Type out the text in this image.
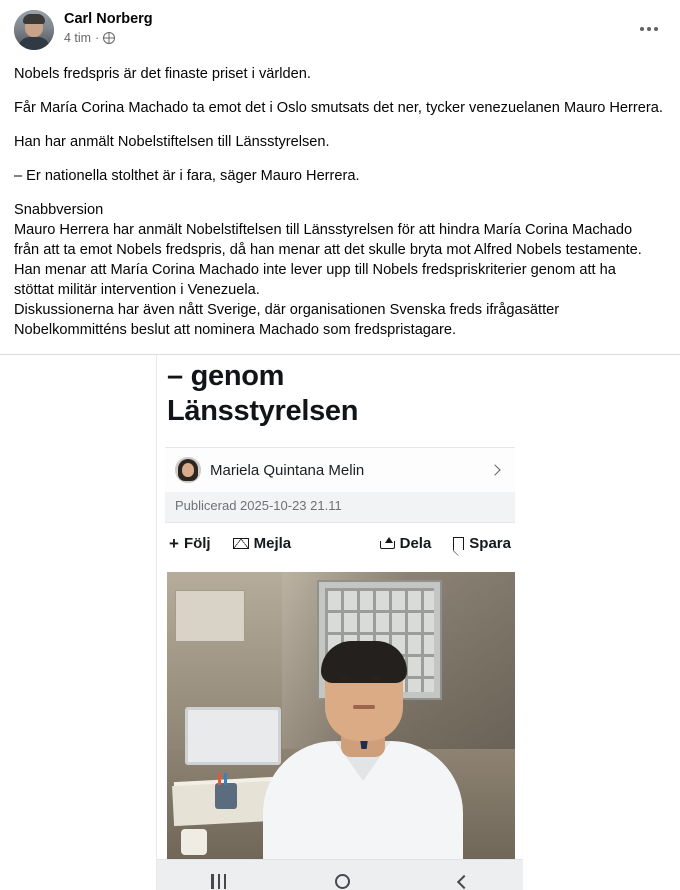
Carl Norberg
4 tim ·

Nobels fredspris är det finaste priset i världen.

Får María Corina Machado ta emot det i Oslo smutsats det ner, tycker venezuelanen Mauro Herrera.

Han har anmält Nobelstiftelsen till Länsstyrelsen.

– Er nationella stolthet är i fara, säger Mauro Herrera.

Snabbversion

Mauro Herrera har anmält Nobelstiftelsen till Länsstyrelsen för att hindra María Corina Machado

från att ta emot Nobels fredspris, då han menar att det skulle bryta mot Alfred Nobels testamente.

Han menar att María Corina Machado inte lever upp till Nobels fredspriskriterier genom att ha

stöttat militär intervention i Venezuela.

Diskussionerna har även nått Sverige, där organisationen Svenska freds ifrågasätter

Nobelkommitténs beslut att nominera Machado som fredspristagare.

– genom
Länsstyrelsen
Mariela Quintana Melin
Publicerad 2025-10-23 21.11
+ Följ	Mejla	Dela	Spara
